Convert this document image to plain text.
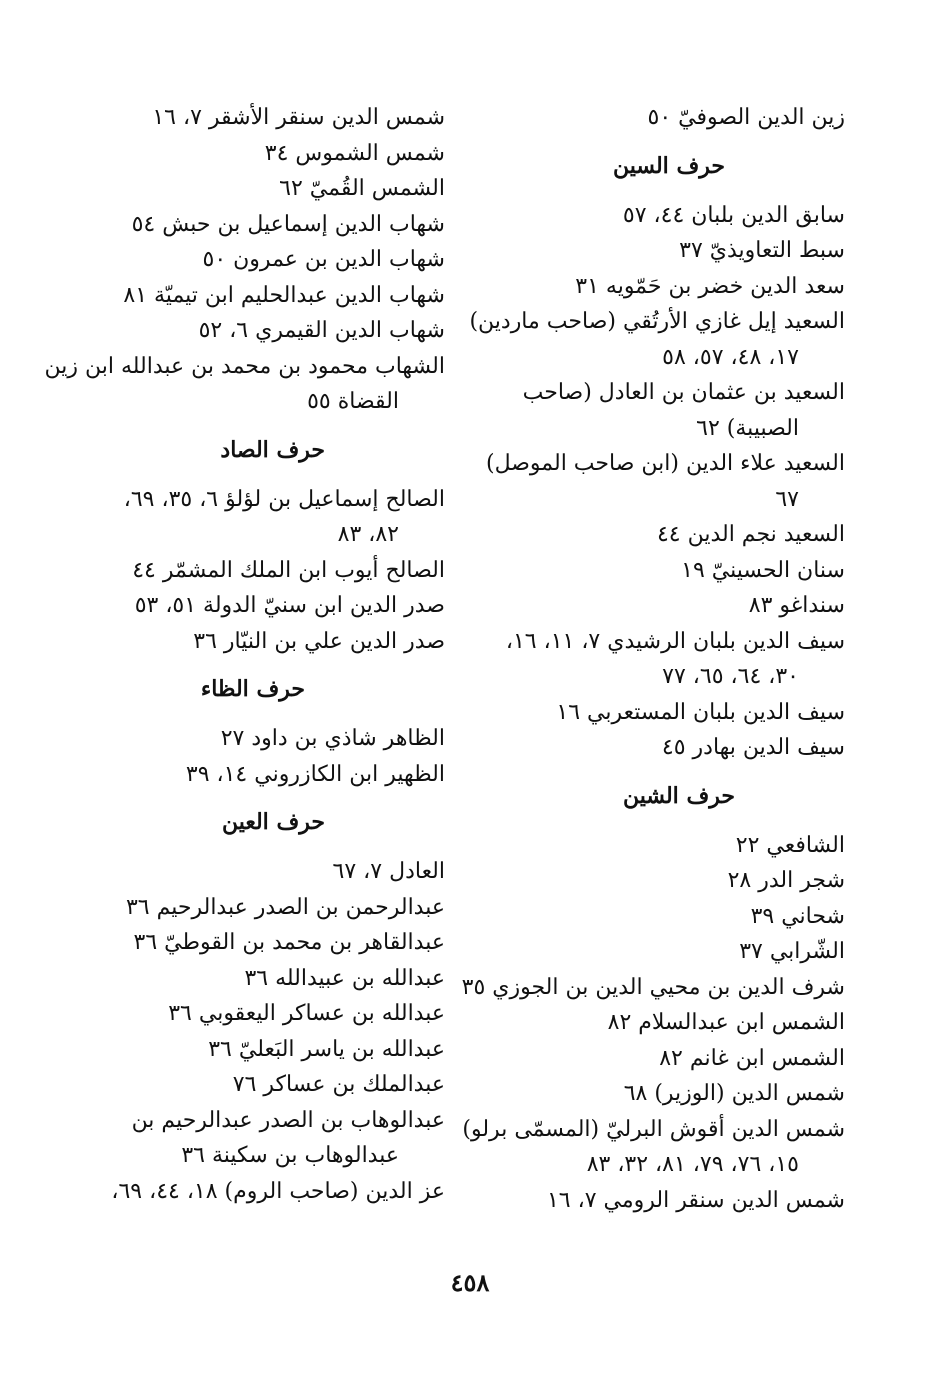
زين الدين الصوفيّ ٥٠
حرف السين
سابق الدين بلبان ٤٤، ٥٧
سبط التعاويذيّ ٣٧
سعد الدين خضر بن حَمّويه ٣١
السعيد إيل غازي الأرتُقي (صاحب ماردين)
١٧، ٤٨، ٥٧، ٥٨
السعيد بن عثمان بن العادل (صاحب
الصبيبة) ٦٢
السعيد علاء الدين (ابن صاحب الموصل)
٦٧
السعيد نجم الدين ٤٤
سنان الحسينيّ ١٩
سنداغو ٨٣
سيف الدين بلبان الرشيدي ٧، ١١، ١٦،
٣٠، ٦٤، ٦٥، ٧٧
سيف الدين بلبان المستعربي ١٦
سيف الدين بهادر ٤٥
حرف الشين
الشافعي ٢٢
شجر الدر ٢٨
شحاني ٣٩
الشّرابي ٣٧
شرف الدين بن محيي الدين بن الجوزي ٣٥
الشمس ابن عبدالسلام ٨٢
الشمس ابن غانم ٨٢
شمس الدين (الوزير) ٦٨
شمس الدين أقوش البرليّ (المسمّى برلو)
١٥، ٧٦، ٧٩، ٨١، ٣٢، ٨٣
شمس الدين سنقر الرومي ٧، ١٦
شمس الدين سنقر الأشقر ٧، ١٦
شمس الشموس ٣٤
الشمس القُميّ ٦٢
شهاب الدين إسماعيل بن حبش ٥٤
شهاب الدين بن عمرون ٥٠
شهاب الدين عبدالحليم ابن تيميّة ٨١
شهاب الدين القيمري ٦، ٥٢
الشهاب محمود بن محمد بن عبدالله ابن زين
القضاة ٥٥
حرف الصاد
الصالح إسماعيل بن لؤلؤ ٦، ٣٥، ٦٩،
٨٢، ٨٣
الصالح أيوب ابن الملك المشمّر ٤٤
صدر الدين ابن سنيّ الدولة ٥١، ٥٣
صدر الدين علي بن النيّار ٣٦
حرف الظاء
الظاهر شاذي بن داود ٢٧
الظهير ابن الكازروني ١٤، ٣٩
حرف العين
العادل ٧، ٦٧
عبدالرحمن بن الصدر عبدالرحيم ٣٦
عبدالقاهر بن محمد بن القوطيّ ٣٦
عبدالله بن عبيدالله ٣٦
عبدالله بن عساكر اليعقوبي ٣٦
عبدالله بن ياسر البَعليّ ٣٦
عبدالملك بن عساكر ٧٦
عبدالوهاب بن الصدر عبدالرحيم بن
عبدالوهاب بن سكينة ٣٦
عز الدين (صاحب الروم) ١٨، ٤٤، ٦٩،
٤٥٨
